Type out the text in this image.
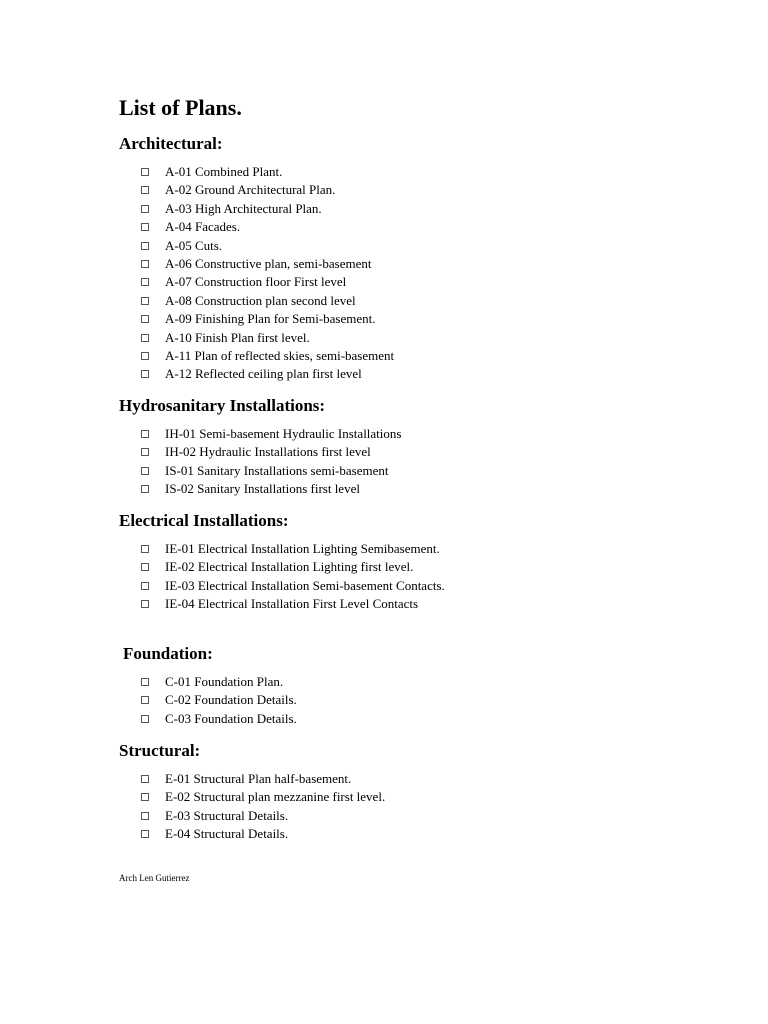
List of Plans.
Architectural:
A-01 Combined Plant.
A-02 Ground Architectural Plan.
A-03 High Architectural Plan.
A-04 Facades.
A-05 Cuts.
A-06 Constructive plan, semi-basement
A-07 Construction floor First level
A-08 Construction plan second level
A-09 Finishing Plan for Semi-basement.
A-10 Finish Plan first level.
A-11 Plan of reflected skies, semi-basement
A-12 Reflected ceiling plan first level
Hydrosanitary Installations:
IH-01 Semi-basement Hydraulic Installations
IH-02 Hydraulic Installations first level
IS-01 Sanitary Installations semi-basement
IS-02 Sanitary Installations first level
Electrical Installations:
IE-01 Electrical Installation Lighting Semibasement.
IE-02 Electrical Installation Lighting first level.
IE-03 Electrical Installation Semi-basement Contacts.
IE-04 Electrical Installation First Level Contacts
Foundation:
C-01 Foundation Plan.
C-02 Foundation Details.
C-03 Foundation Details.
Structural:
E-01 Structural Plan half-basement.
E-02 Structural plan mezzanine first level.
E-03 Structural Details.
E-04 Structural Details.

Arch Len Gutierrez
